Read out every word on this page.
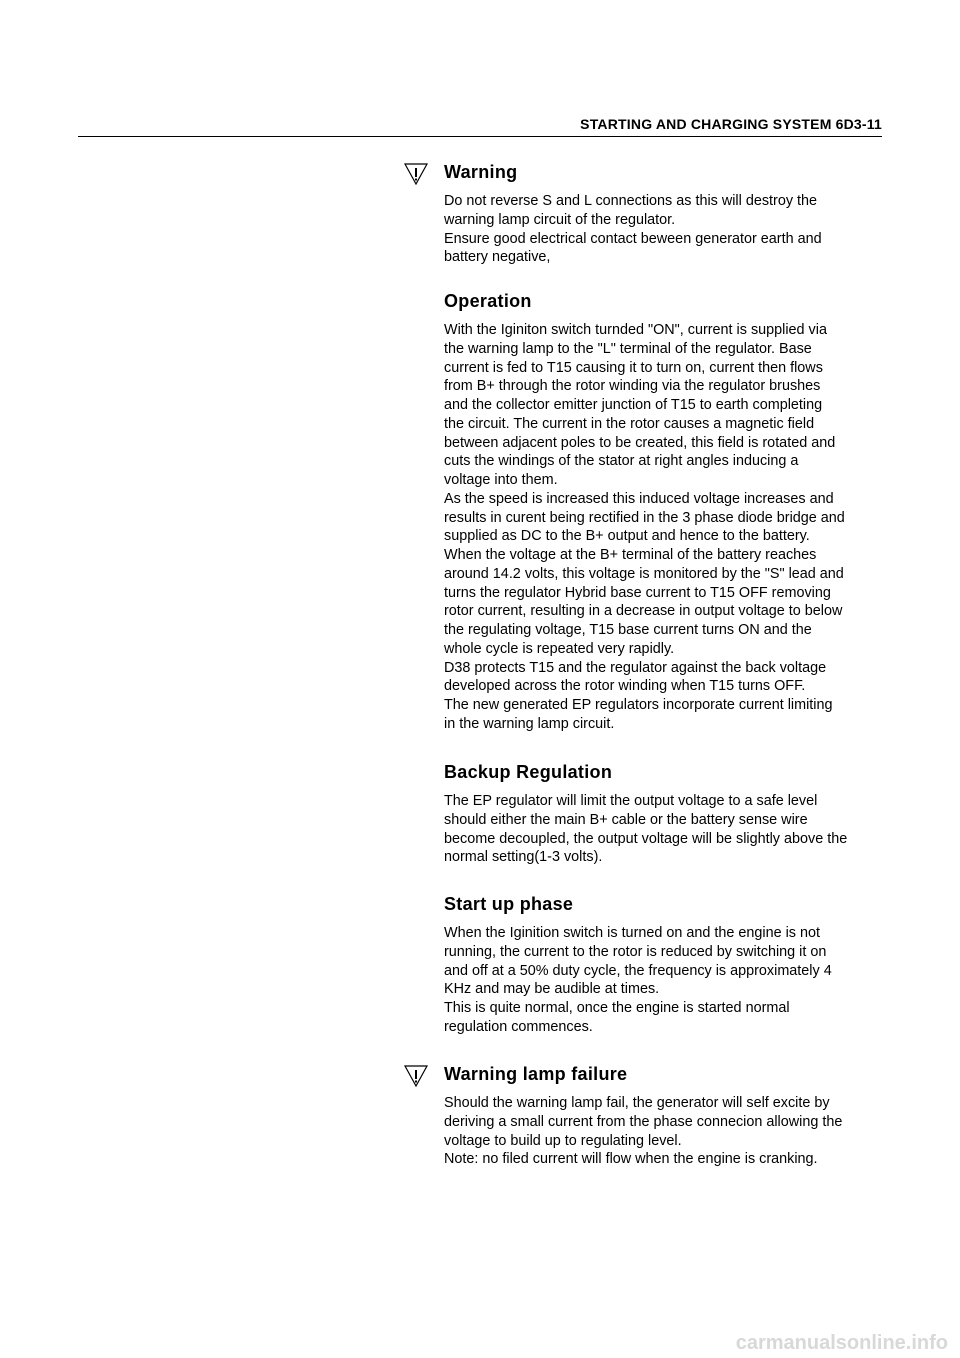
STARTING AND CHARGING SYSTEM 6D3-11
Warning

Do not reverse S and L connections as this will destroy the
warning lamp circuit of the regulator.
Ensure good electrical contact beween generator earth and
battery negative,

Operation

With the Iginiton switch turnded "ON", current is supplied via
the warning lamp to the "L" terminal of the regulator. Base
current is fed to T15 causing it to turn on, current then flows
from B+ through the rotor winding via the regulator brushes
and the collector emitter junction of T15 to earth completing
the circuit. The current in the rotor causes a magnetic field
between adjacent poles to be created, this field is rotated and
cuts the windings of the stator at right angles inducing a
voltage into them.
As the speed is increased this induced voltage increases and
results in curent being rectified in the 3 phase diode bridge and
supplied as DC to the B+ output and hence to the battery.
When the voltage at the B+ terminal of the battery reaches
around 14.2 volts, this voltage is monitored by the "S" lead and
turns the regulator Hybrid base current to T15 OFF removing
rotor current, resulting in a decrease in output voltage to below
the regulating voltage, T15 base current turns ON and the
whole cycle is repeated very rapidly.
D38 protects T15 and the regulator against the back voltage
developed across the rotor winding when T15 turns OFF.
The new generated EP regulators incorporate current limiting
in the warning lamp circuit.

Backup Regulation

The EP regulator will limit the output voltage to a safe level
should either the main B+ cable or the battery sense wire
become decoupled, the output voltage will be slightly above the
normal setting(1-3 volts).

Start up phase

When the Iginition switch is turned on and the engine is not
running, the current to the rotor is reduced by switching it on
and off at a 50% duty cycle, the frequency is approximately 4
KHz and may be audible at times.
This is quite normal, once the engine is started normal
regulation commences.

Warning lamp failure

Should the warning lamp fail, the generator will self excite by
deriving a small current from the phase connecion allowing the
voltage to build up to regulating level.
Note: no filed current will flow when the engine is cranking.

carmanualsonline.info
